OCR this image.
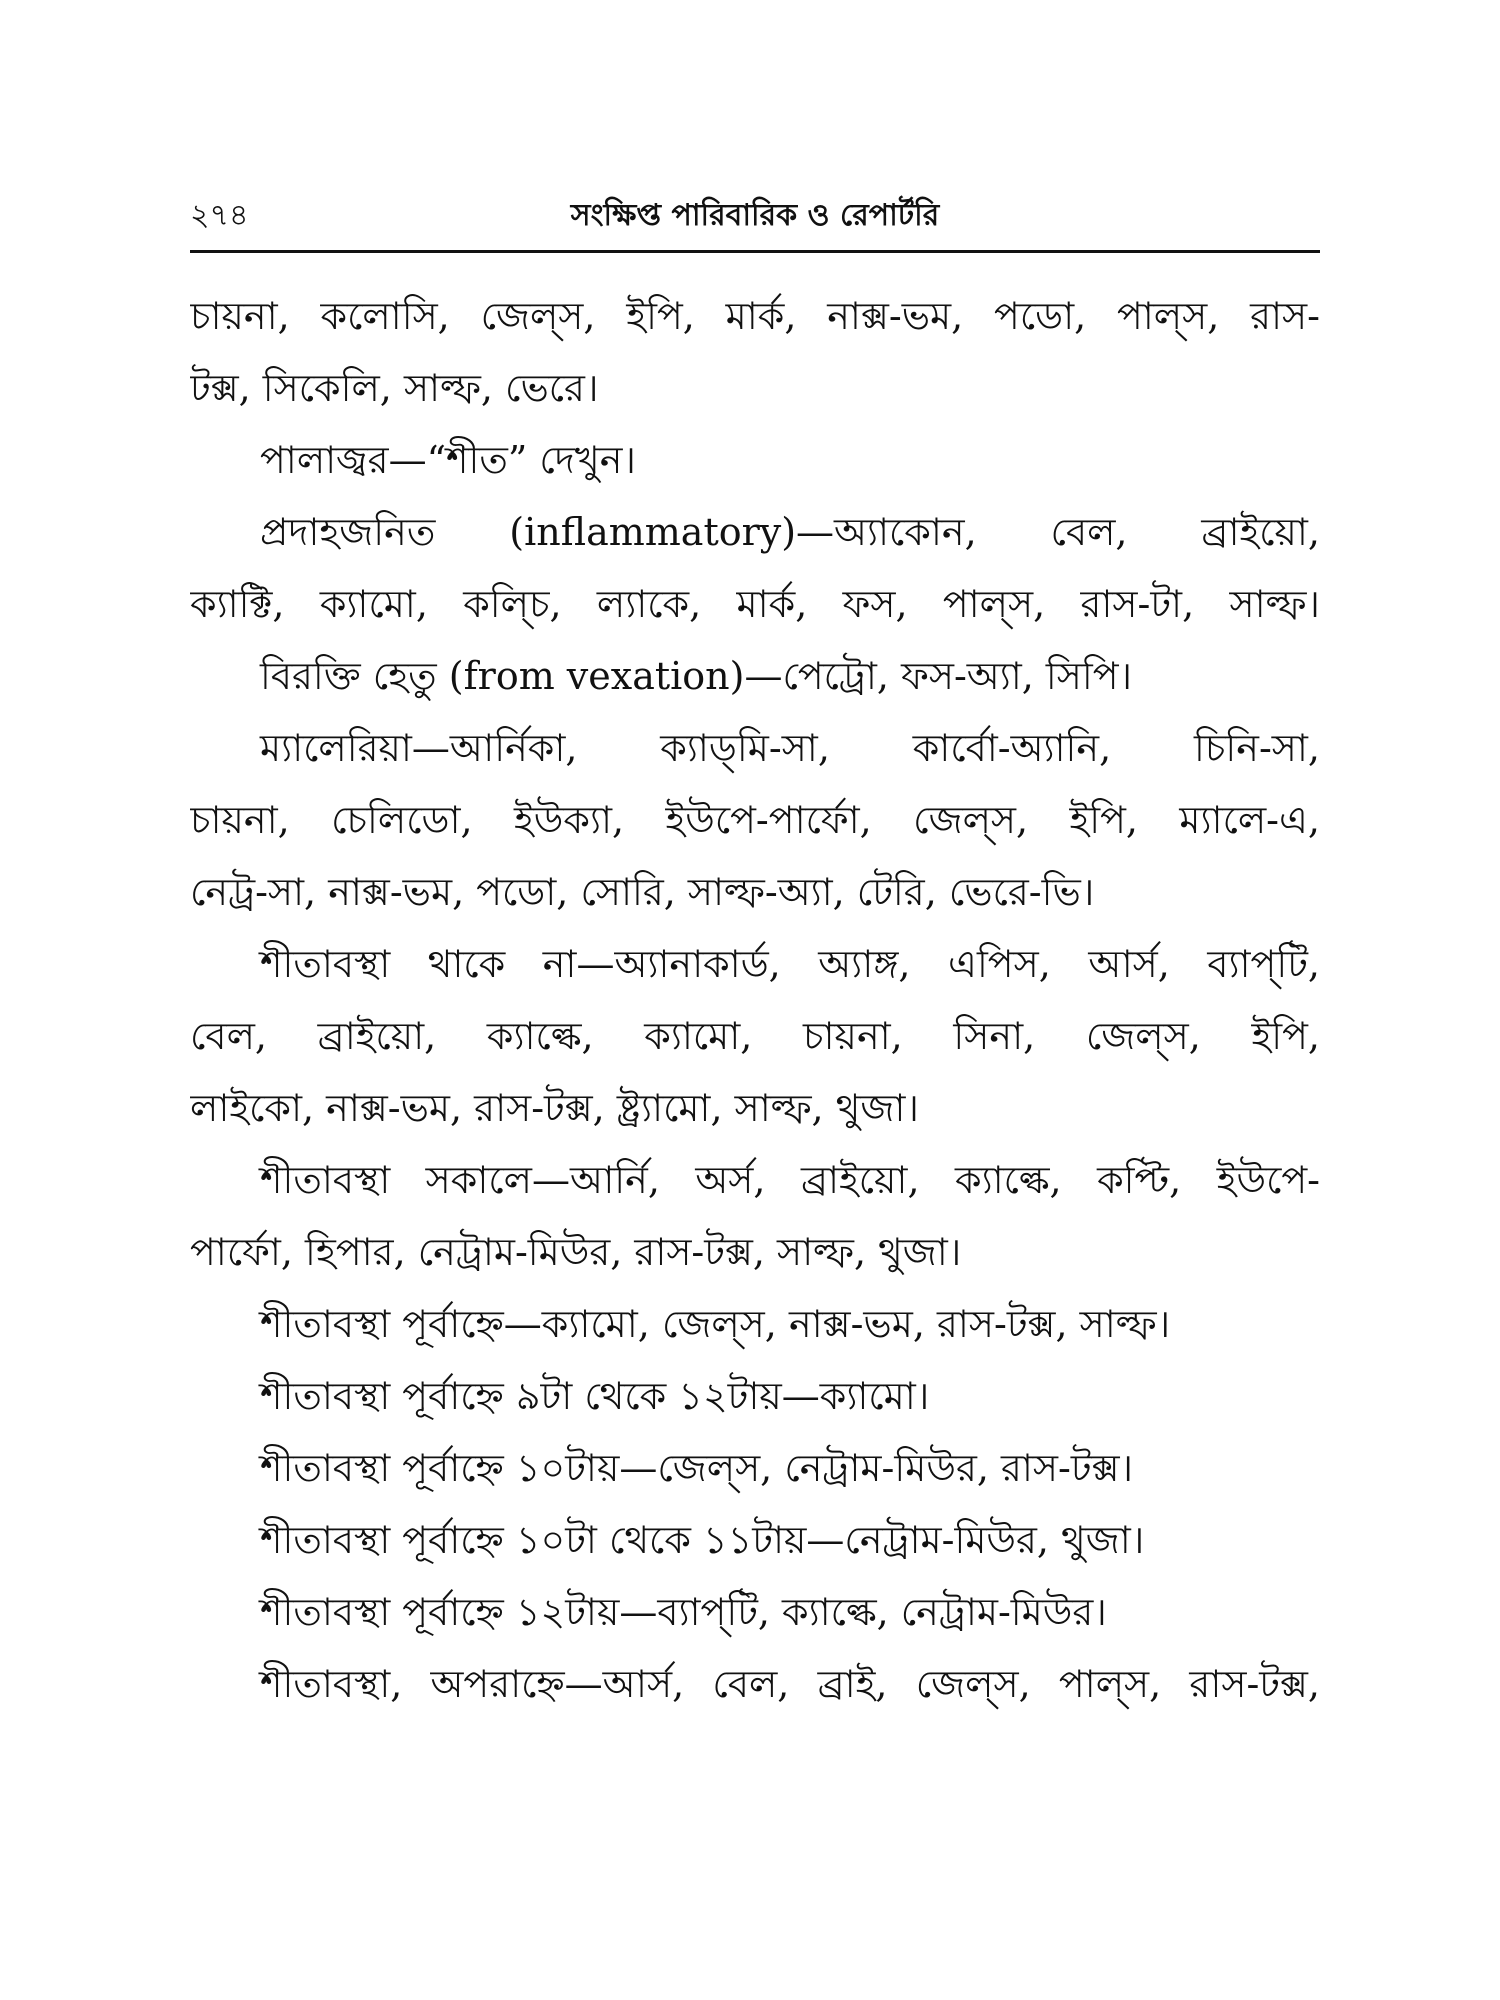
২৭৪	সংক্ষিপ্ত পারিবারিক ও রেপার্টরি
চায়না, কলোসি, জেল্‌স, ইপি, মার্ক, নাক্স-ভম, পডো, পাল্‌স, রাস-
টক্স, সিকেলি, সাল্ফ, ভেরে।
পালাজ্বর—“শীত” দেখুন।
প্রদাহজনিত (inflammatory)—অ্যাকোন, বেল, ব্রাইয়ো,
ক্যাক্টি, ক্যামো, কল্চি, ল্যাকে, মার্ক, ফস, পাল্‌স, রাস-টা, সাল্ফ।
বিরক্তি হেতু (from vexation)—পেট্রো, ফস-অ্যা, সিপি।
ম্যালেরিয়া—আর্নিকা, ক্যাড্‌মি-সা, কার্বো-অ্যানি, চিনি-সা,
চায়না, চেলিডো, ইউক্যা, ইউপে-পার্ফো, জেল্‌স, ইপি, ম্যালে-এ,
নেট্র-সা, নাক্স-ভম, পডো, সোরি, সাল্ফ-অ্যা, টেরি, ভেরে-ভি।
শীতাবস্থা থাকে না—অ্যানাকার্ড, অ্যাঙ্গ, এপিস, আর্স, ব্যাপ্‌টি,
বেল, ব্রাইয়ো, ক্যাল্কে, ক্যামো, চায়না, সিনা, জেল্‌স, ইপি,
লাইকো, নাক্স-ভম, রাস-টক্স, ষ্ট্র্যামো, সাল্ফ, থুজা।
শীতাবস্থা সকালে—আর্নি, অর্স, ব্রাইয়ো, ক্যাল্কে, কপ্টি, ইউপে-
পার্ফো, হিপার, নেট্রাম-মিউর, রাস-টক্স, সাল্ফ, থুজা।
শীতাবস্থা পূর্বাহ্নে—ক্যামো, জেল্‌স, নাক্স-ভম, রাস-টক্স, সাল্ফ।
শীতাবস্থা পূর্বাহ্নে ৯টা থেকে ১২টায়—ক্যামো।
শীতাবস্থা পূর্বাহ্নে ১০টায়—জেল্‌স, নেট্রাম-মিউর, রাস-টক্স।
শীতাবস্থা পূর্বাহ্নে ১০টা থেকে ১১টায়—নেট্রাম-মিউর, থুজা।
শীতাবস্থা পূর্বাহ্নে ১২টায়—ব্যাপ্‌টি, ক্যাল্কে, নেট্রাম-মিউর।
শীতাবস্থা, অপরাহ্নে—আর্স, বেল, ব্রাই, জেল্‌স, পাল্‌স, রাস-টক্স,
